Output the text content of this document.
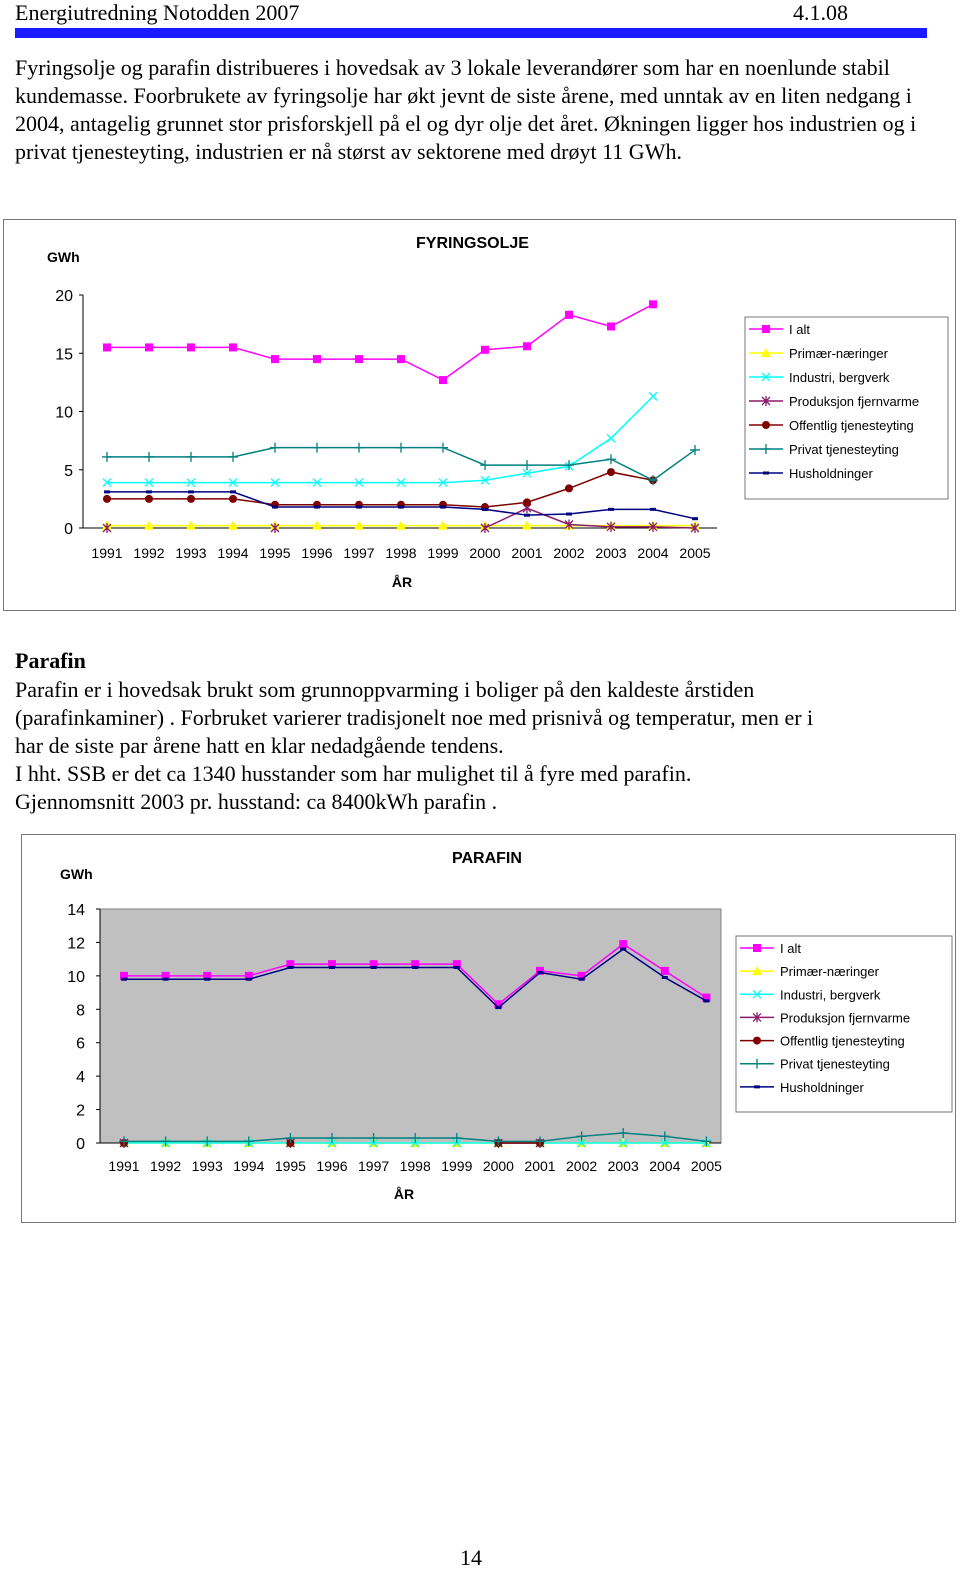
Energiutredning Notodden 2007	4.1.08

Fyringsolje og parafin distribueres i hovedsak av 3 lokale leverandører som har en noenlunde stabil kundemasse. Foorbrukete av fyringsolje har økt jevnt de siste årene, med unntak av en liten nedgang i 2004, antagelig grunnet stor prisforskjell på el og dyr olje det året. Økningen ligger hos industrien og i privat tjenesteyting, industrien er nå størst av sektorene med drøyt 11 GWh.

0
5
10
15
20
1991 1992 1993 1994 1995 1996 1997 1998 1999 2000 2001 2002 2003 2004 2005
FYRINGSOLJE
GWh
ÅR
I alt
Primær-næringer
Industri, bergverk
Produksjon fjernvarme
Offentlig tjenesteyting
Privat tjenesteyting
Husholdninger
Parafin
Parafin er i hovedsak brukt som grunnoppvarming i boliger på den kaldeste årstiden
(parafinkaminer) . Forbruket varierer tradisjonelt noe med prisnivå og temperatur, men er i
har de siste par årene hatt en klar nedadgående tendens.
I hht. SSB er det ca 1340 husstander som har mulighet til å fyre med parafin.
Gjennomsnitt 2003 pr. husstand: ca 8400kWh parafin .
0
2
4
6
8
10
12
14
1991 1992 1993 1994 1995 1996 1997 1998 1999 2000 2001 2002 2003 2004 2005
PARAFIN
GWh
ÅR
I alt
Primær-næringer
Industri, bergverk
Produksjon fjernvarme
Offentlig tjenesteyting
Privat tjenesteyting
Husholdninger
14
